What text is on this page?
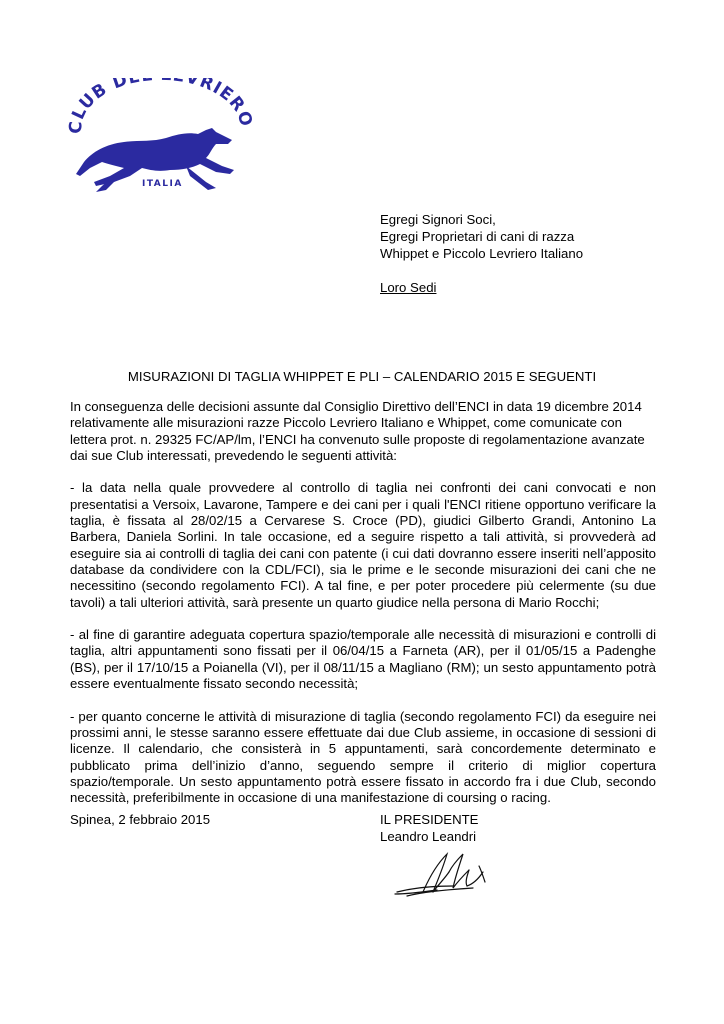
CLUB D VRIER
ITALIA
Egregi Signori Soci,
Egregi Proprietari di cani di razza
Whippet e Piccolo Levriero Italiano
Loro Sedi
MISURAZIONI DI TAGLIA WHIPPET E PLI – CALENDARIO 2015 E SEGUENTI

In conseguenza delle decisioni assunte dal Consiglio Direttivo dell’ENCI in data 19 dicembre 2014 relativamente alle misurazioni razze Piccolo Levriero Italiano e Whippet, come comunicate con lettera prot. n. 29325 FC/AP/lm, l’ENCI ha convenuto sulle proposte di regolamentazione avanzate dai sue Club interessati, prevedendo le seguenti attività:

- la data nella quale provvedere al controllo di taglia nei confronti dei cani convocati e non presentatisi a Versoix, Lavarone, Tampere e dei cani per i quali l'ENCI ritiene opportuno verificare la taglia, è fissata al 28/02/15 a Cervarese S. Croce (PD), giudici Gilberto Grandi, Antonino La Barbera, Daniela Sorlini. In tale occasione, ed a seguire rispetto a tali attività, si provvederà ad eseguire sia ai controlli di taglia dei cani con patente (i cui dati dovranno essere inseriti nell’apposito database da condividere con la CDL/FCI), sia le prime e le seconde misurazioni dei cani che ne necessitino (secondo regolamento FCI). A tal fine, e per poter procedere più celermente (su due tavoli) a tali ulteriori attività, sarà presente un quarto giudice nella persona di Mario Rocchi;

- al fine di garantire adeguata copertura spazio/temporale alle necessità di misurazioni e controlli di taglia, altri appuntamenti sono fissati per il 06/04/15 a Farneta (AR), per il 01/05/15 a Padenghe (BS), per il 17/10/15 a Poianella (VI), per il 08/11/15 a Magliano (RM); un sesto appuntamento potrà essere eventualmente fissato secondo necessità;

- per quanto concerne le attività di misurazione di taglia (secondo regolamento FCI) da eseguire nei prossimi anni, le stesse saranno essere effettuate dai due Club assieme, in occasione di sessioni di licenze. Il calendario, che consisterà in 5 appuntamenti, sarà concordemente determinato e pubblicato prima dell’inizio d’anno, seguendo sempre il criterio di miglior copertura spazio/temporale. Un sesto appuntamento potrà essere fissato in accordo fra i due Club, secondo necessità, preferibilmente in occasione di una manifestazione di coursing o racing.

Spinea, 2 febbraio 2015	IL PRESIDENTE
Leandro Leandri
